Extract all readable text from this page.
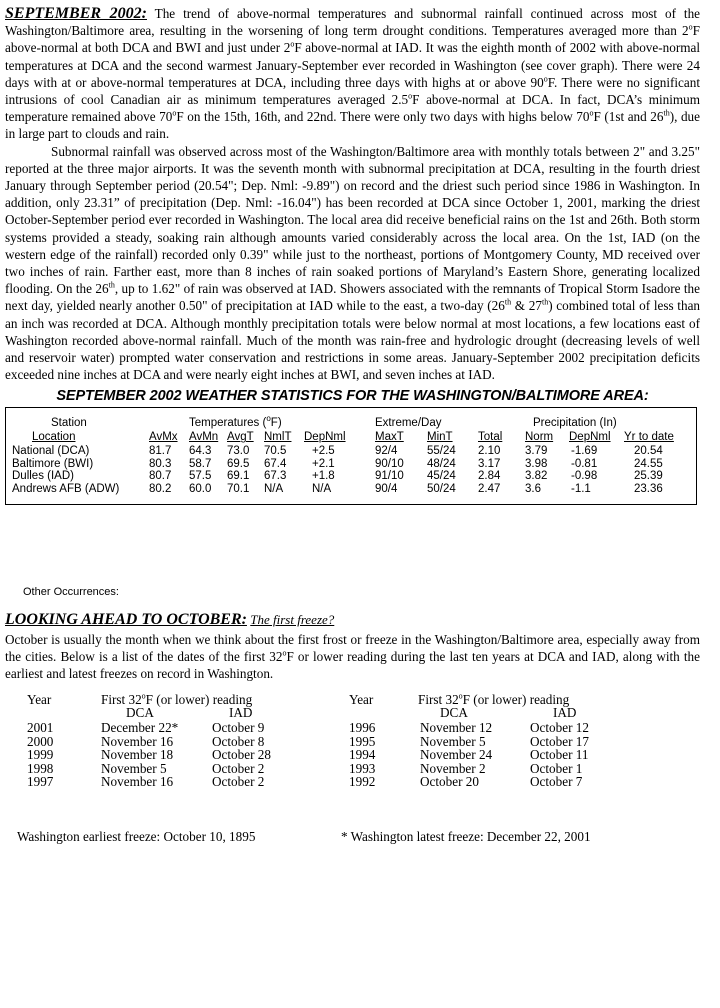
SEPTEMBER 2002: The trend of above-normal temperatures and subnormal rainfall continued across most of the Washington/Baltimore area, resulting in the worsening of long term drought conditions. Temperatures averaged more than 2$^o$F above-normal at both DCA and BWI and just under 2$^o$F above-normal at IAD. It was the eighth month of 2002 with above-normal temperatures at DCA and the second warmest January-September ever recorded in Washington (see cover graph). There were 24 days with at or above-normal temperatures at DCA, including three days with highs at or above 90$^o$F. There were no significant intrusions of cool Canadian air as minimum temperatures averaged 2.5$^o$F above-normal at DCA. In fact, DCA’s minimum temperature remained above 70$^o$F on the 15th, 16th, and 22nd. There were only two days with highs below 70$^o$F (1st and 26th), due in large part to clouds and rain.

Subnormal rainfall was observed across most of the Washington/Baltimore area with monthly totals between 2" and 3.25" reported at the three major airports. It was the seventh month with subnormal precipitation at DCA, resulting in the fourth driest January through September period (20.54"; Dep. Nml: -9.89") on record and the driest such period since 1986 in Washington. In addition, only 23.31” of precipitation (Dep. Nml: -16.04") has been recorded at DCA since October 1, 2001, marking the driest October-September period ever recorded in Washington. The local area did receive beneficial rains on the 1st and 26th. Both storm systems provided a steady, soaking rain although amounts varied considerably across the local area. On the 1st, IAD (on the western edge of the rainfall) recorded only 0.39" while just to the northeast, portions of Montgomery County, MD received over two inches of rain. Farther east, more than 8 inches of rain soaked portions of Maryland’s Eastern Shore, generating localized flooding. On the 26th, up to 1.62" of rain was observed at IAD. Showers associated with the remnants of Tropical Storm Isadore the next day, yielded nearly another 0.50" of precipitation at IAD while to the east, a two-day (26th & 27th) combined total of less than an inch was recorded at DCA. Although monthly precipitation totals were below normal at most locations, a few locations east of Washington recorded above-normal rainfall. Much of the month was rain-free and hydrologic drought (decreasing levels of well and reservoir water) prompted water conservation and restrictions in some areas. January-September 2002 precipitation deficits exceeded nine inches at DCA and were nearly eight inches at BWI, and seven inches at IAD.

SEPTEMBER 2002 WEATHER STATISTICS FOR THE WASHINGTON/BALTIMORE AREA:
Station	Temperatures ($^o$F)	Extreme/Day	Precipitation (In)
Location	AvMx AvMn AvgT NmlT DepNml	MaxT MinT Total Norm DepNml Yr to date
National (DCA)	81.7 64.3 73.0 70.5 +2.5	92/4	55/24 2.10 3.79 -1.69	20.54
Baltimore (BWI)	80.3 58.7 69.5 67.4 +2.1	90/10 48/24 3.17 3.98 -0.81	24.55
Dulles (IAD)	80.7 57.5 69.1 67.3 +1.8	91/10 45/24 2.84 3.82 -0.98	25.39
Andrews AFB (ADW)	80.2 60.0 70.1 N/A	N/A	90/4	50/24 2.47 3.6	-1.1	23.36
Other Occurrences:
LOOKING AHEAD TO OCTOBER: The first freeze?

October is usually the month when we think about the first frost or freeze in the Washington/Baltimore area, especially away from the cities. Below is a list of the dates of the first 32$^o$F or lower reading during the last ten years at DCA and IAD, along with the earliest and latest freezes on record in Washington.

Year	First 32$^o$F (or lower) reading
DCA	IAD
2001	December 22*	October 9
2000	November 16	October 8
1999	November 18	October 28
1998	November 5	October 2
1997	November 16	October 2
Year	First 32$^o$F (or lower) reading
DCA	IAD
1996	November 12	October 12
1995	November 5	October 17
1994	November 24	October 11
1993	November 2	October 1
1992	October 20	October 7
Washington earliest freeze: October 10, 1895	* Washington latest freeze: December 22, 2001
